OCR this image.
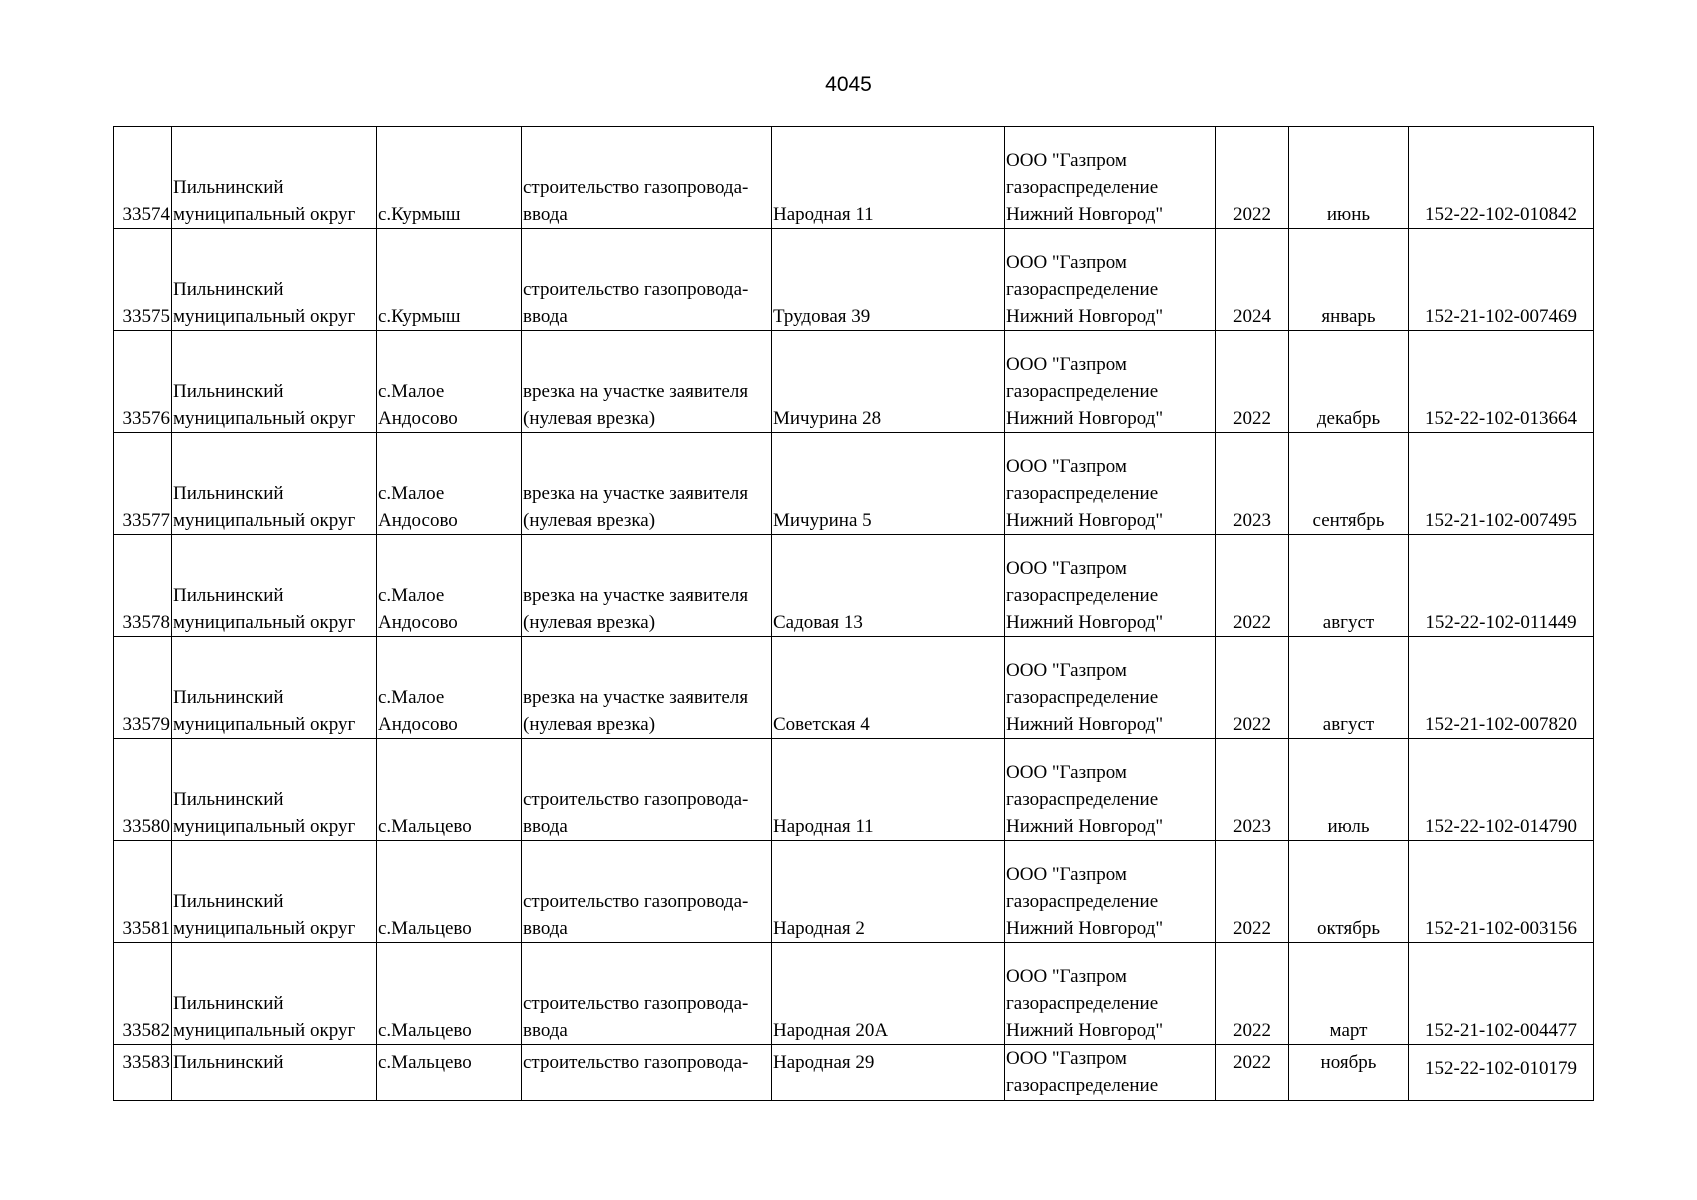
4045
33574	Пильнинский
муниципальный округ	с.Курмыш	строительство газопровода-
ввода	Народная 11	ООО "Газпром
газораспределение
Нижний Новгород"	2022	июнь	152-22-102-010842
33575	Пильнинский
муниципальный округ	с.Курмыш	строительство газопровода-
ввода	Трудовая 39	ООО "Газпром
газораспределение
Нижний Новгород"	2024	январь	152-21-102-007469
33576	Пильнинский
муниципальный округ	с.Малое
Андосово	врезка на участке заявителя
(нулевая врезка)	Мичурина 28	ООО "Газпром
газораспределение
Нижний Новгород"	2022	декабрь	152-22-102-013664
33577	Пильнинский
муниципальный округ	с.Малое
Андосово	врезка на участке заявителя
(нулевая врезка)	Мичурина 5	ООО "Газпром
газораспределение
Нижний Новгород"	2023	сентябрь	152-21-102-007495
33578	Пильнинский
муниципальный округ	с.Малое
Андосово	врезка на участке заявителя
(нулевая врезка)	Садовая 13	ООО "Газпром
газораспределение
Нижний Новгород"	2022	август	152-22-102-011449
33579	Пильнинский
муниципальный округ	с.Малое
Андосово	врезка на участке заявителя
(нулевая врезка)	Советская 4	ООО "Газпром
газораспределение
Нижний Новгород"	2022	август	152-21-102-007820
33580	Пильнинский
муниципальный округ	с.Мальцево	строительство газопровода-
ввода	Народная 11	ООО "Газпром
газораспределение
Нижний Новгород"	2023	июль	152-22-102-014790
33581	Пильнинский
муниципальный округ	с.Мальцево	строительство газопровода-
ввода	Народная 2	ООО "Газпром
газораспределение
Нижний Новгород"	2022	октябрь	152-21-102-003156
33582	Пильнинский
муниципальный округ	с.Мальцево	строительство газопровода-
ввода	Народная 20А	ООО "Газпром
газораспределение
Нижний Новгород"	2022	март	152-21-102-004477
33583	Пильнинский	с.Мальцево	строительство газопровода-	Народная 29	ООО "Газпром
газораспределение	2022	ноябрь	152-22-102-010179
